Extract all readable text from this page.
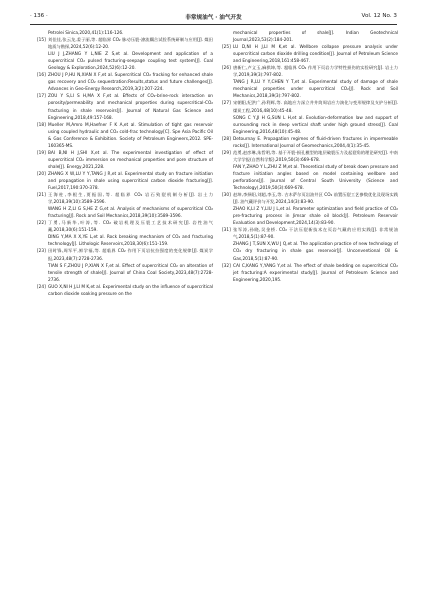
· 136 ·	非常规油气 · 油气开发	Vol. 12 No. 3
Petrolei Sinica,2020,41(1):116-126.
[15] 刘佳佳,张云龙,姜子丽,等. 超临界 CO₂ 脉动压裂-渗流耦合试验系统研制与应用[J]. 煤田地质与勘探,2024,52(6):12-20.
LIU J J,ZHANG Y L,NIE Z S,et al. Development and application of a supercritical CO₂ pulsed fracturing-seepage coupling test system[J]. Coal Geology & Exploration,2024,52(6):12-20.
[16] ZHOU J P,HU N,XIAN X F,et al. Supercritical CO₂ fracking for enhanced shale gas recovery and CO₂ sequestration:Results,status and future challenges[J]. Advances in Geo-Energy Research,2019,3(2):207-224.
[17] ZOU Y S,LI S H,MA X F,et al. Effects of CO₂-brine-rock interaction on porosity/permeability and mechanical properties during supercritical-CO₂ fracturing in shale reservoirs[J]. Journal of Natural Gas Science and Engineering,2018,49:157-168.
[18] Mueller M,Amro M,Haefner F K A,et al. Stimulation of tight gas reservoir using coupled hydraulic and CO₂ cold-frac technology[C]. Spe Asia Pacific Oil & Gas Conference & Exhibition. Society of Petroleum Engineers,2012. SPE-160365-MS.
[19] BAI B,NI H J,SHI X,et al. The experimental investigation of effect of supercritical CO₂ immersion on mechanical properties and pore structure of shale[J]. Energy,2021,228.
[20] ZHANG X W,LU Y Y,TANG J R,et al. Experimental study on fracture initiation and propagation in shale using supercritical carbon dioxide fracturing[J]. Fuel,2017,190:370-378.
[21] 王海柱,李根生,贾振国,等. 超临界 CO₂ 岩石致裂机制分析[J]. 岩土力学,2018,39(10):3589-3596.
WANG H Z,LI G S,HE Z G,et al. Analysis of mechanisms of supercritical CO₂ fracturing[J]. Rock and Soil Mechanics,2018,39(10):3589-3596.
[22] 丁勇,马新华,叶涛,等. CO₂ 破岩机理及压裂工艺技术研究[J]. 岩性油气藏,2018,30(6):151-159.
DING Y,MA X X,YE L,et al. Rock breaking mechanism of CO₂ and fracturing technology[J]. Lithologic Reservoirs,2018,30(6):151-159.
[23] 田时锋,周军平,鲜学福,等. 超临界 CO₂ 作用下页岩抗拉强度的变化规律[J]. 煤炭学报,2023,48(7):2728-2736.
TIAN S F,ZHOU J P,XIAN X F,et al. Effect of supercritical CO₂ on alteration of tensile strength of shale[J]. Journal of China Coal Society,2023,48(7):2728-2736.
[24] GUO X,NI H J,LI M K,et al. Experimental study on the influence of supercritical carbon dioxide soaking pressure on the
mechanical properties of shale[J]. Indian Geotechnical Journal,2023,53(2):184-201.
[25] LU D,NI H J,LI M K,et al. Wellbore collapse pressure analysis under supercritical carbon dioxide drilling condition[J]. Journal of Petroleum Science and Engineering,2018,161:458-467.
[26] 唐新仁,卢义玉,麻拱坤,等. 超临界 CO₂ 作用下页岩力学特性损伤的实验研究[J]. 岩土力学,2019,39(3):797-802.
TANG J R,LU Y Y,CHEN Y T,et al. Experimental study of damage of shale mechanical properties under supercritical CO₂[J]. Rock and Soil Mechanics,2018,39(3):797-802.
[27] 宋朝阳,纪洪广,孙利辉,等. 高地应力深立井井筒周岩应力演化与变形规律及支护分析[J]. 煤炭工程,2016,48(10):45-48.
SONG C Y,JI H G,SUN L H,et al. Evolution-deformation law and support of surrounding rock in deep vertical shaft under high ground stress[J]. Coal Engineering,2016,48(10):45-48.
[28] Detournay E. Propagation regimes of fluid-driven fractures in impermeable rocks[J]. International Journal of Geomechanics,2004,4(1):35-45.
[29] 范勇,赵彦琳,朱哲明,等. 基于开裂-损孔模型的地层破裂压力及起裂角的理论研究[J]. 中南大学学报(自然科学版),2019,50(3):669-678.
FAN Y,ZHAO Y L,ZHU Z M,et al. Theoretical study of break down pressure and fracture initiation angles based on model containing wellbore and perforations[J]. Journal of Central South University (Science and Technology),2019,50(3):669-678.
[30] 赵坤,李择阳,刘超,李玉,等. 吉木萨尔页岩油井区 CO₂ 前置压裂工艺参数优化及现场实践[J]. 油气藏评价与开发,2024,14(3):83-90.
ZHAO K,LI Z Y,LIU J L,et al. Parameter optimization and field practice of CO₂ pre-fracturing process in Jimsar shale oil block[J]. Petroleum Reservoir Evaluation and Development,2024,14(3):83-90.
[31] 张军涛,孙晓,吴金桥. CO₂ 干法压裂新技术在页岩气藏的应用实践[J]. 非常规油气,2018,5(1):87-90.
ZHANG J T,SUN X,WU J Q,et al. The application practice of new technology of CO₂ dry fracturing in shale gas reservoir[J]. Unconventional Oil & Gas,2018,5(1):87-90.
[32] CAI C,KANG Y,YANG Y,et al. The effect of shale bedding on supercritical CO₂ jet fracturing:A experimental study[J]. Journal of Petroleum Science and Engineering,2020,195.
